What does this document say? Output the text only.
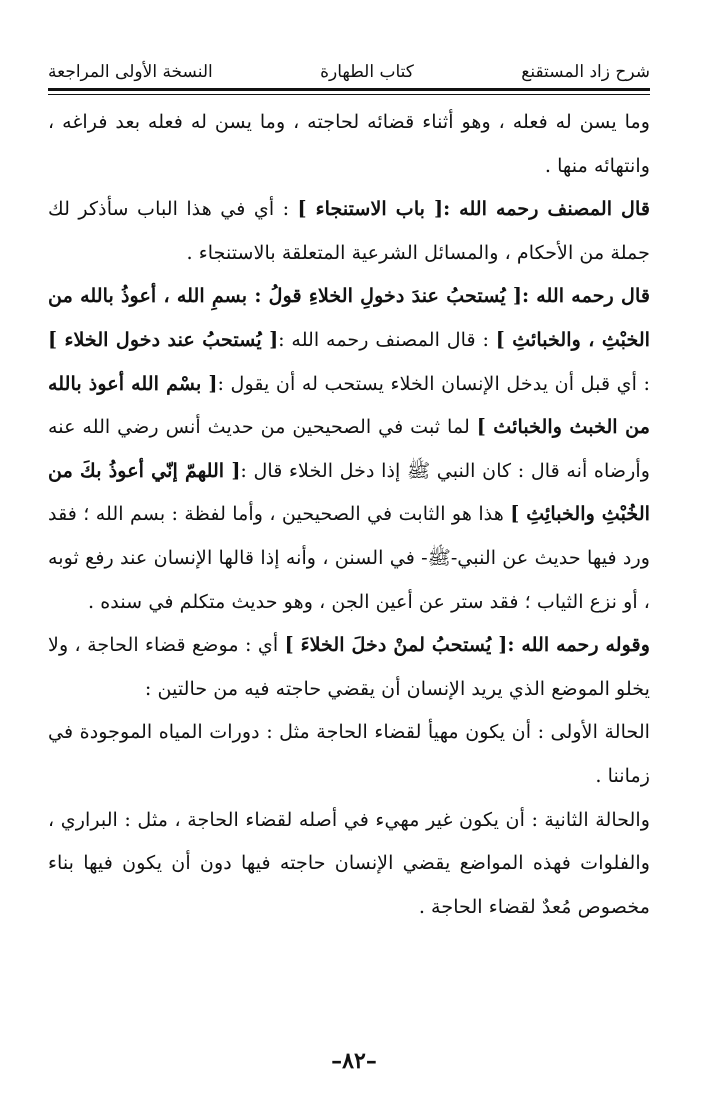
شرح زاد المستقنع
كتاب الطهارة
النسخة الأولى المراجعة

وما يسن له فعله ، وهو أثناء قضائه لحاجته ، وما يسن له فعله بعد فراغه ، وانتهائه منها .

قال المصنف رحمه الله :[ باب الاستنجاء ] : أي في هذا الباب سأذكر لك جملة من الأحكام ، والمسائل الشرعية المتعلقة بالاستنجاء .

قال رحمه الله :[ يُستحبُ عندَ دخولِ الخلاءِ قولُ : بسمِ الله ، أعوذُ بالله من الخبْثِ ، والخبائثِ ] : قال المصنف رحمه الله :[ يُستحبُ عند دخول الخلاء ] : أي قبل أن يدخل الإنسان الخلاء يستحب له أن يقول :[ بسْم الله أعوذ بالله من الخبث والخبائث ] لما ثبت في الصحيحين من حديث أنس رضي الله عنه وأرضاه أنه قال : كان النبي ﷺ إذا دخل الخلاء قال :[ اللهمّ إنّي أعوذُ بكَ من الخُبْثِ والخبائِثِ ] هذا هو الثابت في الصحيحين ، وأما لفظة : بسم الله ؛ فقد ورد فيها حديث عن النبي-ﷺ- في السنن ، وأنه إذا قالها الإنسان عند رفع ثوبه ، أو نزع الثياب ؛ فقد ستر عن أعين الجن ، وهو حديث متكلم في سنده .

وقوله رحمه الله :[ يُستحبُ لمنْ دخلَ الخلاءَ ] أي : موضع قضاء الحاجة ، ولا يخلو الموضع الذي يريد الإنسان أن يقضي حاجته فيه من حالتين :

الحالة الأولى : أن يكون مهيأ لقضاء الحاجة مثل : دورات المياه الموجودة في زماننا .

والحالة الثانية : أن يكون غير مهيء في أصله لقضاء الحاجة ، مثل : البراري ، والفلوات فهذه المواضع يقضي الإنسان حاجته فيها دون أن يكون فيها بناء مخصوص مُعدٌ لقضاء الحاجة .

–٨٢–
